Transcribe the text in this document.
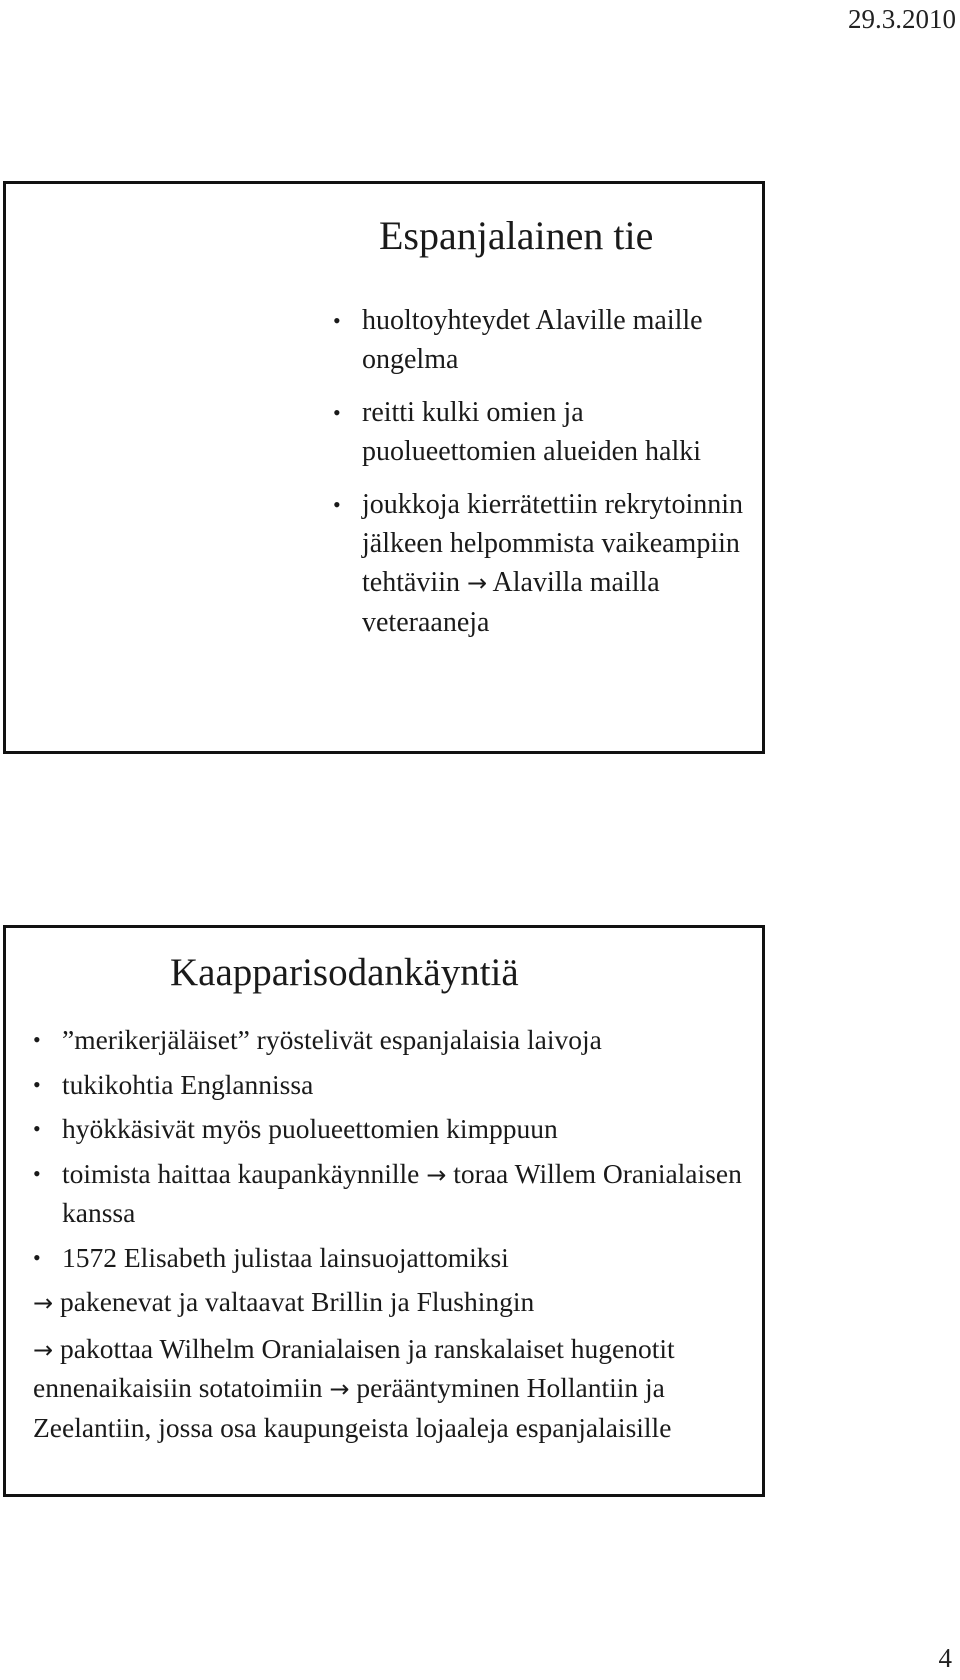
29.3.2010
Espanjalainen tie
• huoltoyhteydet Alaville maille ongelma
• reitti kulki omien ja puolueettomien alueiden halki
• joukkoja kierrätettiin rekrytoinnin jälkeen helpommista vaikeampiin tehtäviin → Alavilla mailla veteraaneja
Kaapparisodankäyntiä
• ”merikerjäläiset” ryöstelivät espanjalaisia laivoja
• tukikohtia Englannissa
• hyökkäsivät myös puolueettomien kimppuun
• toimista haittaa kaupankäynnille → toraa Willem Oranialaisen kanssa
• 1572 Elisabeth julistaa lainsuojattomiksi
→ pakenevat ja valtaavat Brillin ja Flushingin
→ pakottaa Wilhelm Oranialaisen ja ranskalaiset hugenotit ennenaikaisiin sotatoimiin → perääntyminen Hollantiin ja Zeelantiin, jossa osa kaupungeista lojaaleja espanjalaisille
4
